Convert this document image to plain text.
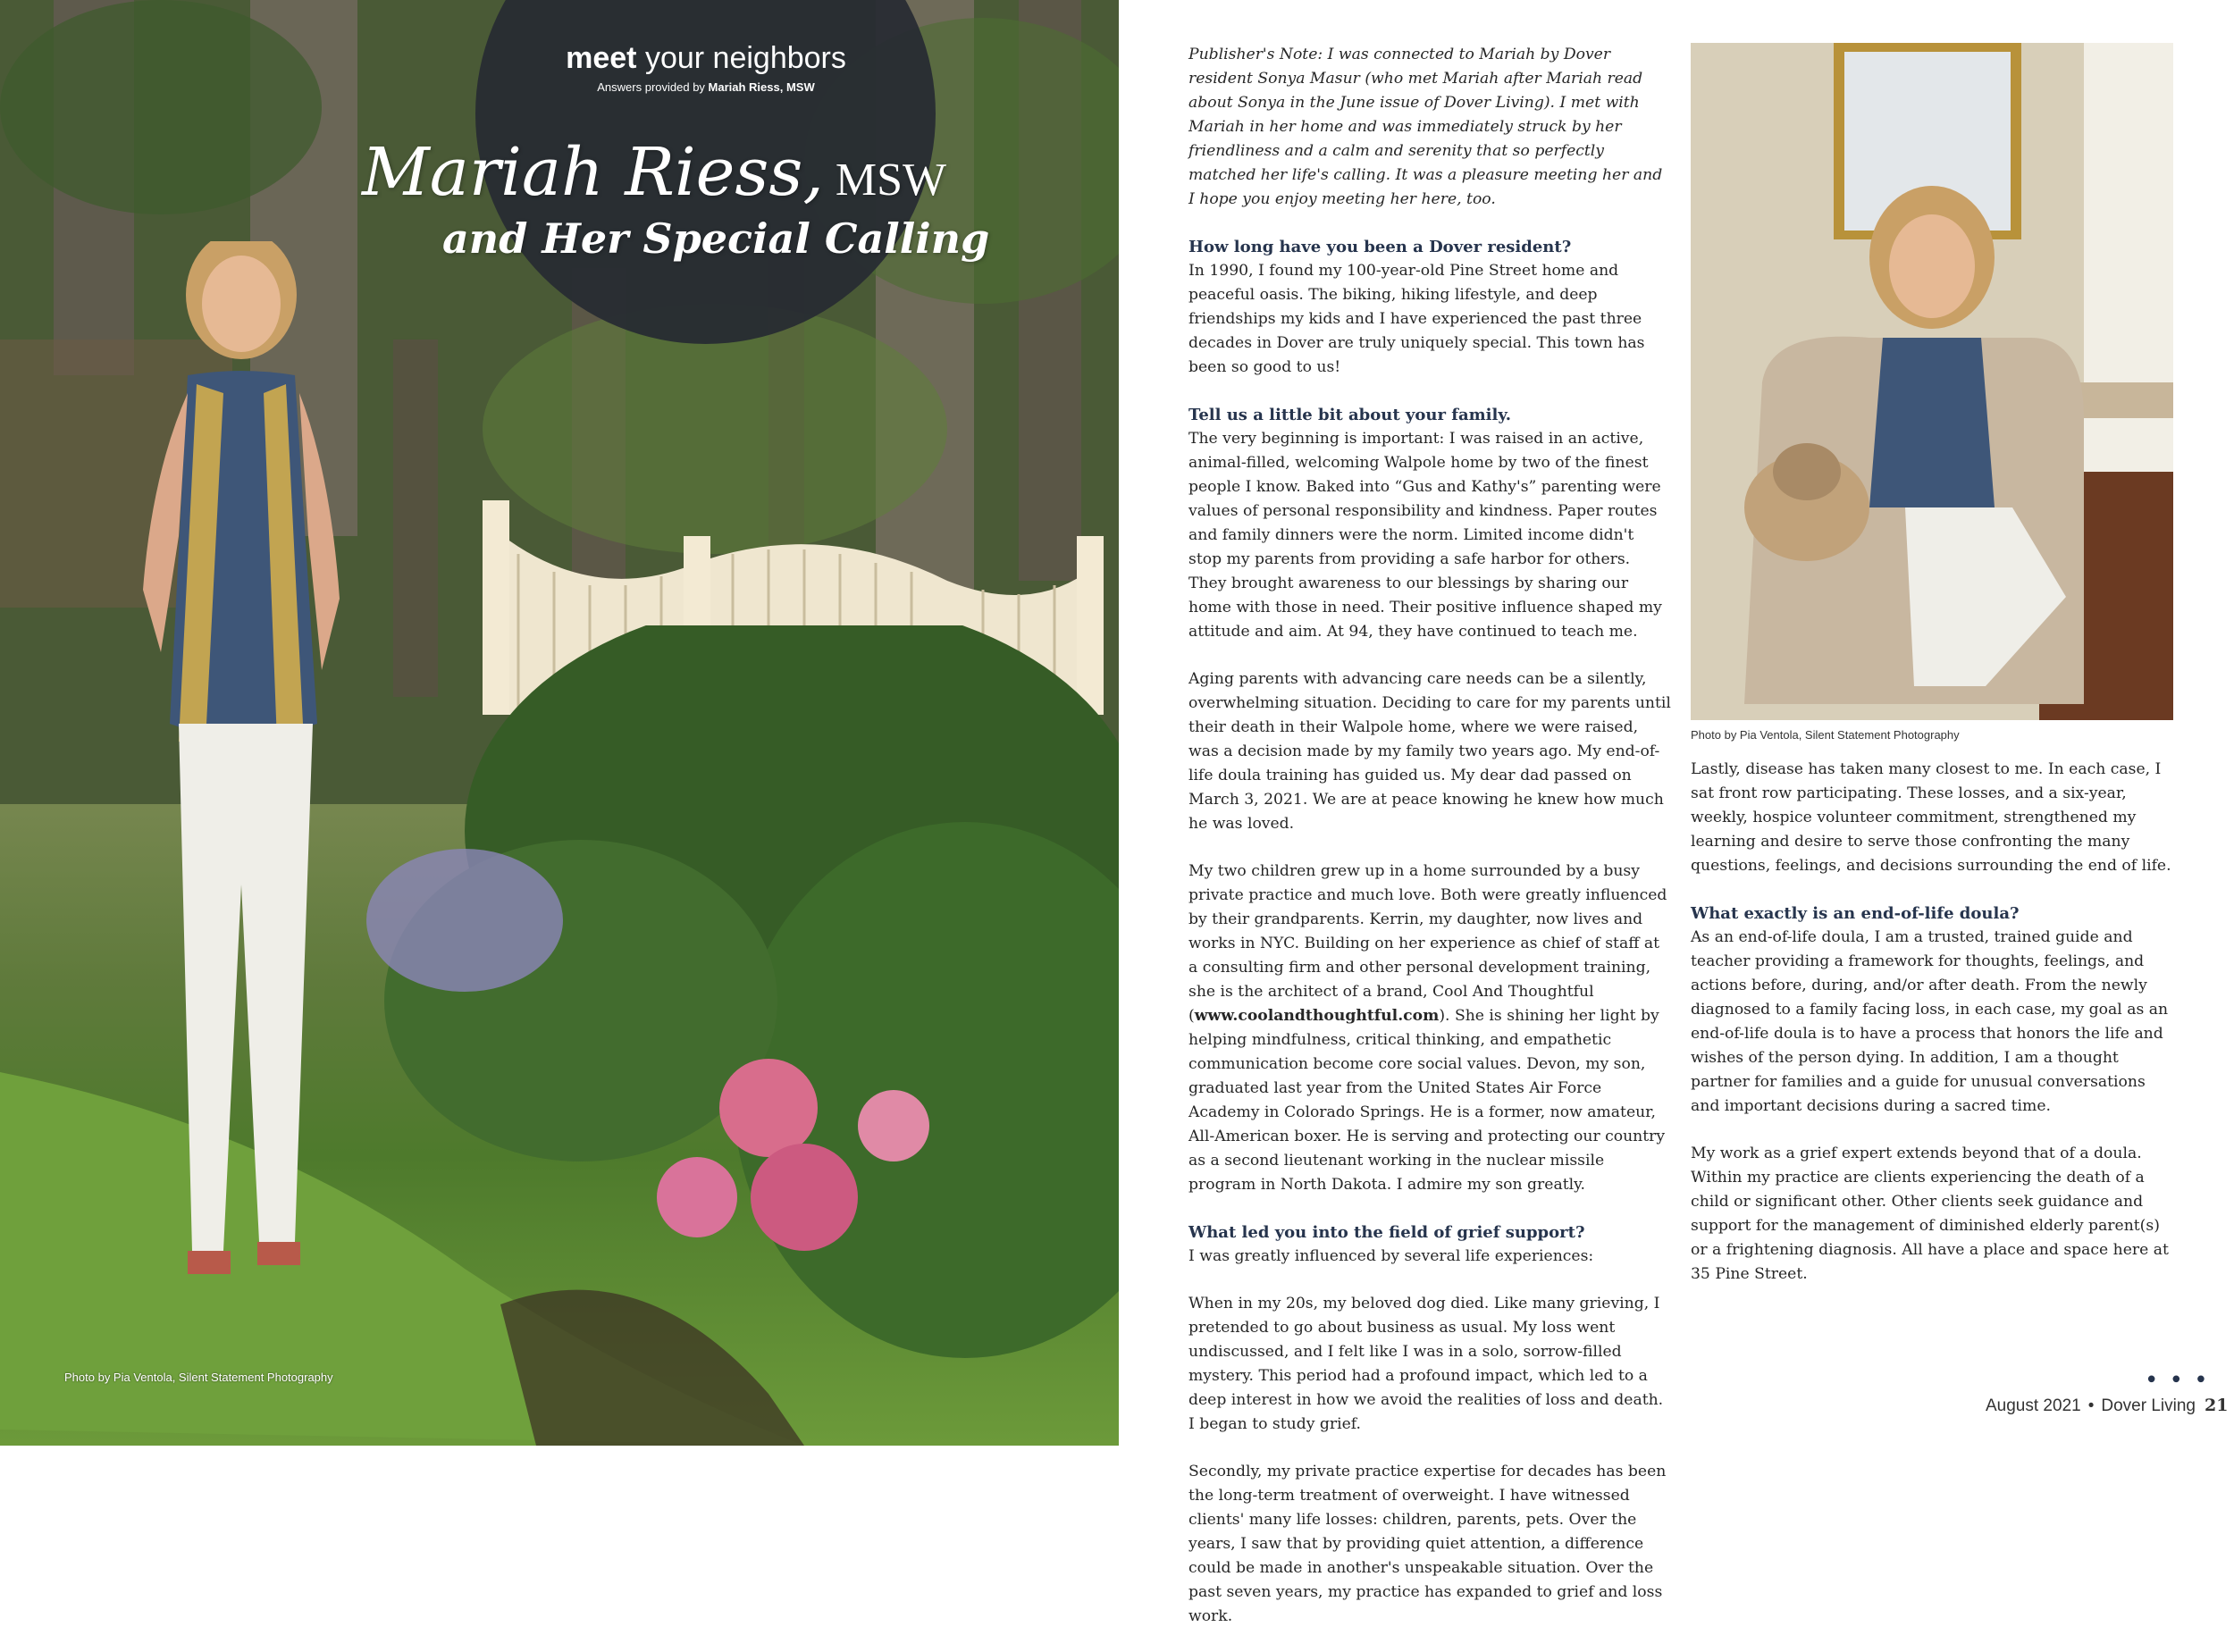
meet your neighbors
Answers provided by Mariah Riess, MSW
Mariah Riess, MSW
and Her Special Calling
Photo by Pia Ventola, Silent Statement Photography

Publisher's Note: I was connected to Mariah by Dover resident Sonya Masur (who met Mariah after Mariah read about Sonya in the June issue of Dover Living). I met with Mariah in her home and was immediately struck by her friendliness and a calm and serenity that so perfectly matched her life's calling. It was a pleasure meeting her and I hope you enjoy meeting her here, too.

How long have you been a Dover resident?

In 1990, I found my 100-year-old Pine Street home and peaceful oasis. The biking, hiking lifestyle, and deep friendships my kids and I have experienced the past three decades in Dover are truly uniquely special. This town has been so good to us!

Tell us a little bit about your family.

The very beginning is important: I was raised in an active, animal-filled, welcoming Walpole home by two of the finest people I know. Baked into “Gus and Kathy's” parenting were values of personal responsibility and kindness. Paper routes and family dinners were the norm. Limited income didn't stop my parents from providing a safe harbor for others. They brought awareness to our blessings by sharing our home with those in need. Their positive influence shaped my attitude and aim. At 94, they have continued to teach me.

Aging parents with advancing care needs can be a silently, overwhelming situation. Deciding to care for my parents until their death in their Walpole home, where we were raised, was a decision made by my family two years ago. My end-of-life doula training has guided us. My dear dad passed on March 3, 2021. We are at peace knowing he knew how much he was loved.

My two children grew up in a home surrounded by a busy private practice and much love. Both were greatly influenced by their grandparents. Kerrin, my daughter, now lives and works in NYC. Building on her experience as chief of staff at a consulting firm and other personal development training, she is the architect of a brand, Cool And Thoughtful (www.coolandthoughtful.com). She is shining her light by helping mindfulness, critical thinking, and empathetic communication become core social values. Devon, my son, graduated last year from the United States Air Force Academy in Colorado Springs. He is a former, now amateur, All-American boxer. He is serving and protecting our country as a second lieutenant working in the nuclear missile program in North Dakota. I admire my son greatly.

What led you into the field of grief support?

I was greatly influenced by several life experiences:

When in my 20s, my beloved dog died. Like many grieving, I pretended to go about business as usual. My loss went undiscussed, and I felt like I was in a solo, sorrow-filled mystery. This period had a profound impact, which led to a deep interest in how we avoid the realities of loss and death. I began to study grief.

Secondly, my private practice expertise for decades has been the long-term treatment of overweight. I have witnessed clients' many life losses: children, parents, pets. Over the years, I saw that by providing quiet attention, a difference could be made in another's unspeakable situation. Over the past seven years, my practice has expanded to grief and loss work.

Photo by Pia Ventola, Silent Statement Photography

Lastly, disease has taken many closest to me. In each case, I sat front row participating. These losses, and a six-year, weekly, hospice volunteer commitment, strengthened my learning and desire to serve those confronting the many questions, feelings, and decisions surrounding the end of life.

What exactly is an end-of-life doula?

As an end-of-life doula, I am a trusted, trained guide and teacher providing a framework for thoughts, feelings, and actions before, during, and/or after death. From the newly diagnosed to a family facing loss, in each case, my goal as an end-of-life doula is to have a process that honors the life and wishes of the person dying. In addition, I am a thought partner for families and a guide for unusual conversations and important decisions during a sacred time.

My work as a grief expert extends beyond that of a doula. Within my practice are clients experiencing the death of a child or significant other. Other clients seek guidance and support for the management of diminished elderly parent(s) or a frightening diagnosis. All have a place and space here at 35 Pine Street.

• • •
August 2021 • Dover Living 21
